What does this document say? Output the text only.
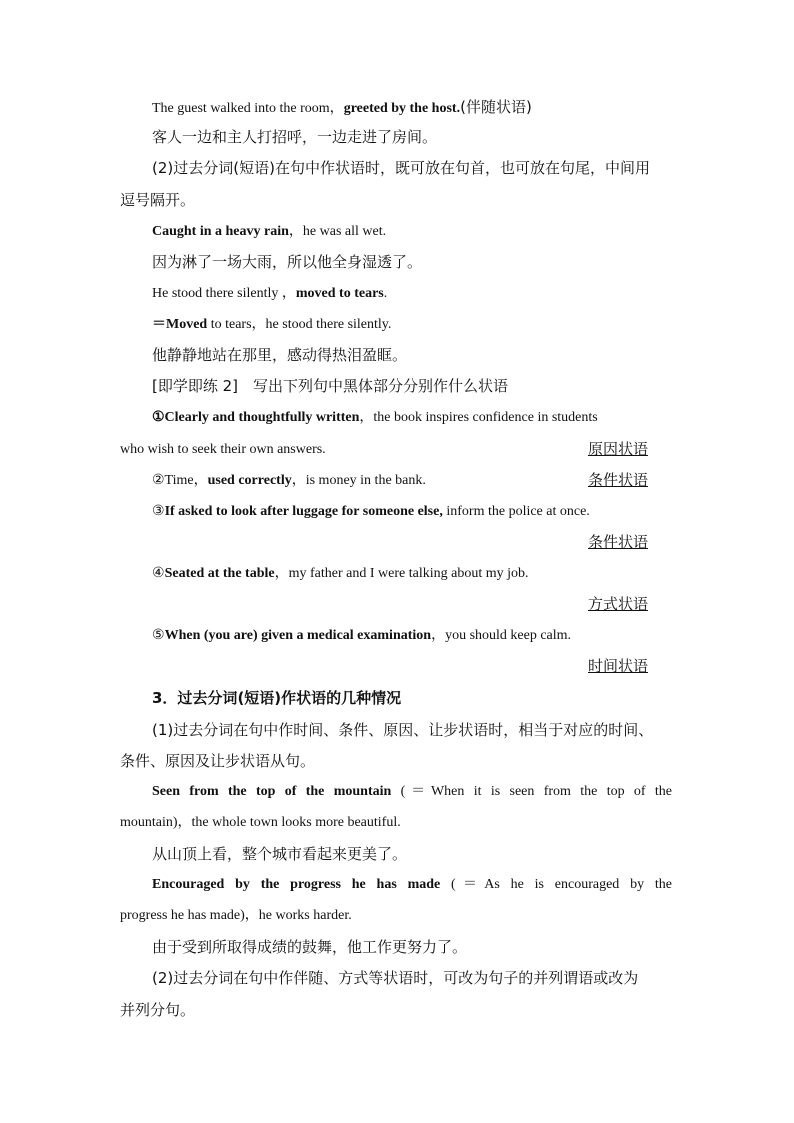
The guest walked into the room，greeted by the host.(伴随状语)
客人一边和主人打招呼，一边走进了房间。
(2)过去分词(短语)在句中作状语时，既可放在句首，也可放在句尾，中间用
逗号隔开。
Caught in a heavy rain，he was all wet.
因为淋了一场大雨，所以他全身湿透了。
He stood there silently ，moved to tears.
＝Moved to tears，he stood there silently.
他静静地站在那里，感动得热泪盈眶。
[即学即练 2]　写出下列句中黑体部分分别作什么状语
①Clearly and thoughtfully written，the book inspires confidence in students
who wish to seek their own answers.	原因状语
②Time，used correctly，is money in the bank.	条件状语
③If asked to look after luggage for someone else, inform the police at once.
条件状语
④Seated at the table，my father and I were talking about my job.
方式状语
⑤When (you are) given a medical examination，you should keep calm.
时间状语
3．过去分词(短语)作状语的几种情况
(1)过去分词在句中作时间、条件、原因、让步状语时，相当于对应的时间、
条件、原因及让步状语从句。
Seen from the top of the mountain (＝When it is seen from the top of the
mountain)，the whole town looks more beautiful.
从山顶上看，整个城市看起来更美了。
Encouraged by the progress he has made (＝As he is encouraged by the
progress he has made)，he works harder.
由于受到所取得成绩的鼓舞，他工作更努力了。
(2)过去分词在句中作伴随、方式等状语时，可改为句子的并列谓语或改为
并列分句。
